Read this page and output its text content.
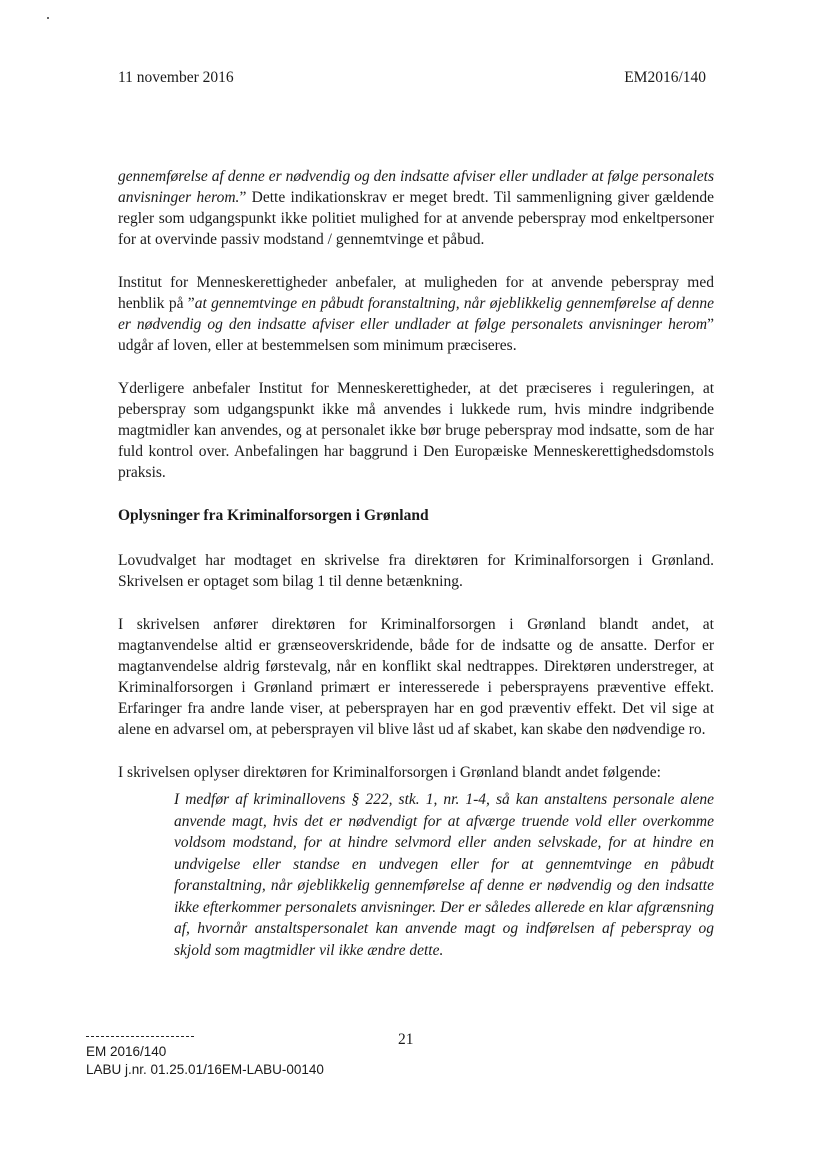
11 november 2016	EM2016/140

gennemførelse af denne er nødvendig og den indsatte afviser eller undlader at følge personalets anvisninger herom.” Dette indikationskrav er meget bredt. Til sammenligning giver gældende regler som udgangspunkt ikke politiet mulighed for at anvende peberspray mod enkeltpersoner for at overvinde passiv modstand / gennemtvinge et påbud.

Institut for Menneskerettigheder anbefaler, at muligheden for at anvende peberspray med henblik på ”at gennemtvinge en påbudt foranstaltning, når øjeblikkelig gennemførelse af denne er nødvendig og den indsatte afviser eller undlader at følge personalets anvisninger herom” udgår af loven, eller at bestemmelsen som minimum præciseres.

Yderligere anbefaler Institut for Menneskerettigheder, at det præciseres i reguleringen, at peberspray som udgangspunkt ikke må anvendes i lukkede rum, hvis mindre indgribende magtmidler kan anvendes, og at personalet ikke bør bruge peberspray mod indsatte, som de har fuld kontrol over. Anbefalingen har baggrund i Den Europæiske Menneskerettighedsdomstols praksis.

Oplysninger fra Kriminalforsorgen i Grønland

Lovudvalget har modtaget en skrivelse fra direktøren for Kriminalforsorgen i Grønland. Skrivelsen er optaget som bilag 1 til denne betænkning.

I skrivelsen anfører direktøren for Kriminalforsorgen i Grønland blandt andet, at magtanvendelse altid er grænseoverskridende, både for de indsatte og de ansatte. Derfor er magtanvendelse aldrig førstevalg, når en konflikt skal nedtrappes. Direktøren understreger, at Kriminalforsorgen i Grønland primært er interesserede i pebersprayens præventive effekt. Erfaringer fra andre lande viser, at pebersprayen har en god præventiv effekt. Det vil sige at alene en advarsel om, at pebersprayen vil blive låst ud af skabet, kan skabe den nødvendige ro.

I skrivelsen oplyser direktøren for Kriminalforsorgen i Grønland blandt andet følgende:

I medfør af kriminallovens § 222, stk. 1, nr. 1-4, så kan anstaltens personale alene anvende magt, hvis det er nødvendigt for at afværge truende vold eller overkomme voldsom modstand, for at hindre selvmord eller anden selvskade, for at hindre en undvigelse eller standse en undvegen eller for at gennemtvinge en påbudt foranstaltning, når øjeblikkelig gennemførelse af denne er nødvendig og den indsatte ikke efterkommer personalets anvisninger. Der er således allerede en klar afgrænsning af, hvornår anstaltspersonalet kan anvende magt og indførelsen af peberspray og skjold som magtmidler vil ikke ændre dette.
21
EM 2016/140
LABU j.nr. 01.25.01/16EM-LABU-00140
